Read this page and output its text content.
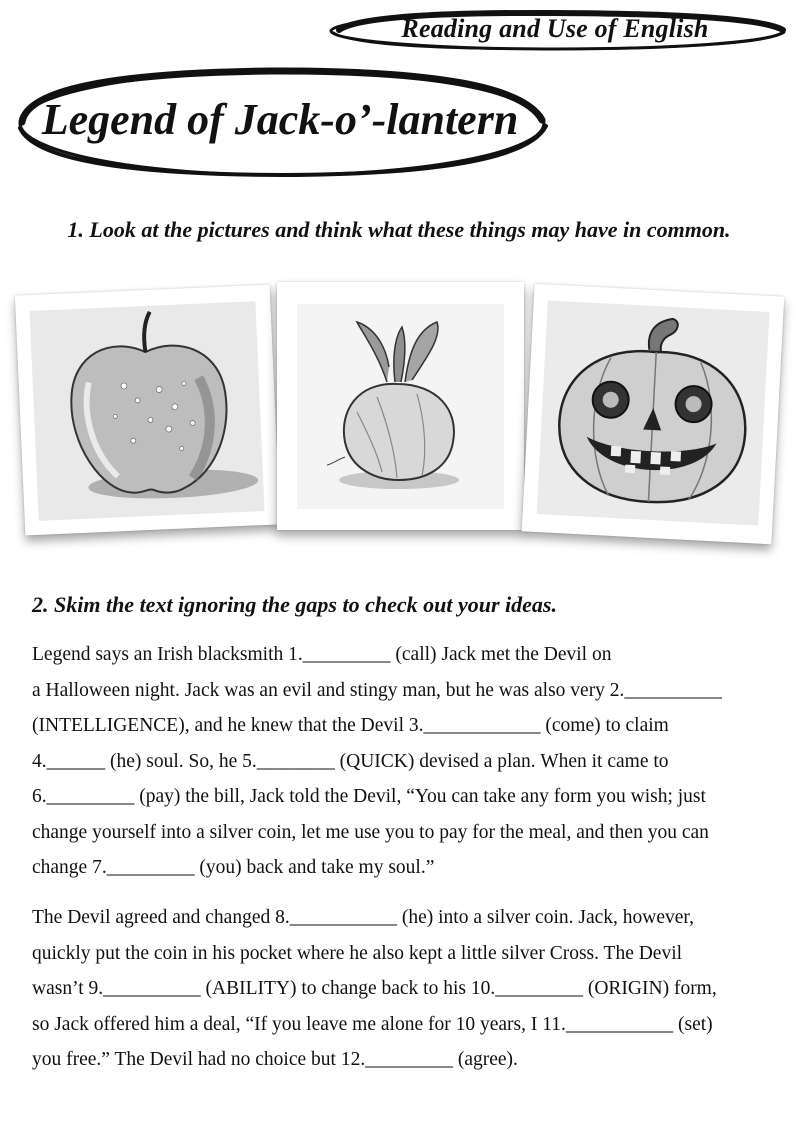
Reading and Use of English
Legend of Jack-o’-lantern
1. Look at the pictures and think what these things may have in common.
2. Skim the text ignoring the gaps to check out your ideas.
Legend says an Irish blacksmith 1._________ (call) Jack met the Devil on
a Halloween night. Jack was an evil and stingy man, but he was also very 2.__________
(INTELLIGENCE), and he knew that the Devil 3.____________ (come) to claim
4.______ (he) soul. So, he 5.________ (QUICK) devised a plan. When it came to
6._________ (pay) the bill, Jack told the Devil, “You can take any form you wish; just
change yourself into a silver coin, let me use you to pay for the meal, and then you can
change 7._________ (you) back and take my soul.”
The Devil agreed and changed 8.___________ (he) into a silver coin. Jack, however,
quickly put the coin in his pocket where he also kept a little silver Cross. The Devil
wasn’t 9.__________ (ABILITY) to change back to his 10._________ (ORIGIN) form,
so Jack offered him a deal, “If you leave me alone for 10 years, I 11.___________ (set)
you free.” The Devil had no choice but 12._________ (agree).
